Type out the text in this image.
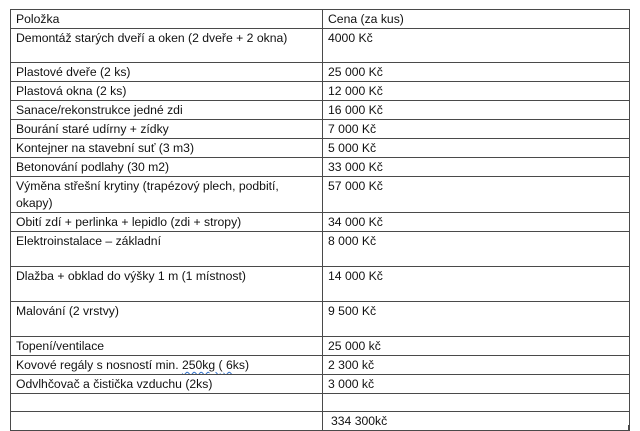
Položka	Cena (za kus)
Demontáž starých dveří a oken (2 dveře + 2 okna)	4000 Kč
Plastové dveře (2 ks)	25 000 Kč
Plastová okna (2 ks)	12 000 Kč
Sanace/rekonstrukce jedné zdi	16 000 Kč
Bourání staré udírny + zídky	7 000 Kč
Kontejner na stavební suť (3 m3)	5 000 Kč
Betonování podlahy (30 m2)	33 000 Kč
Výměna střešní krytiny (trapézový plech, podbití, okapy)	57 000 Kč
Obití zdí + perlinka + lepidlo (zdi + stropy)	34 000 Kč
Elektroinstalace – základní	8 000 Kč
Dlažba + obklad do výšky 1 m (1 místnost)	14 000 Kč
Malování (2 vrstvy)	9 500 Kč
Topení/ventilace	25 000 kč
Kovové regály s nosností min. 250kg ( 6ks)	2 300 kč
Odvlhčovač a čistička vzduchu (2ks)	3 000 kč

	334 300kč
